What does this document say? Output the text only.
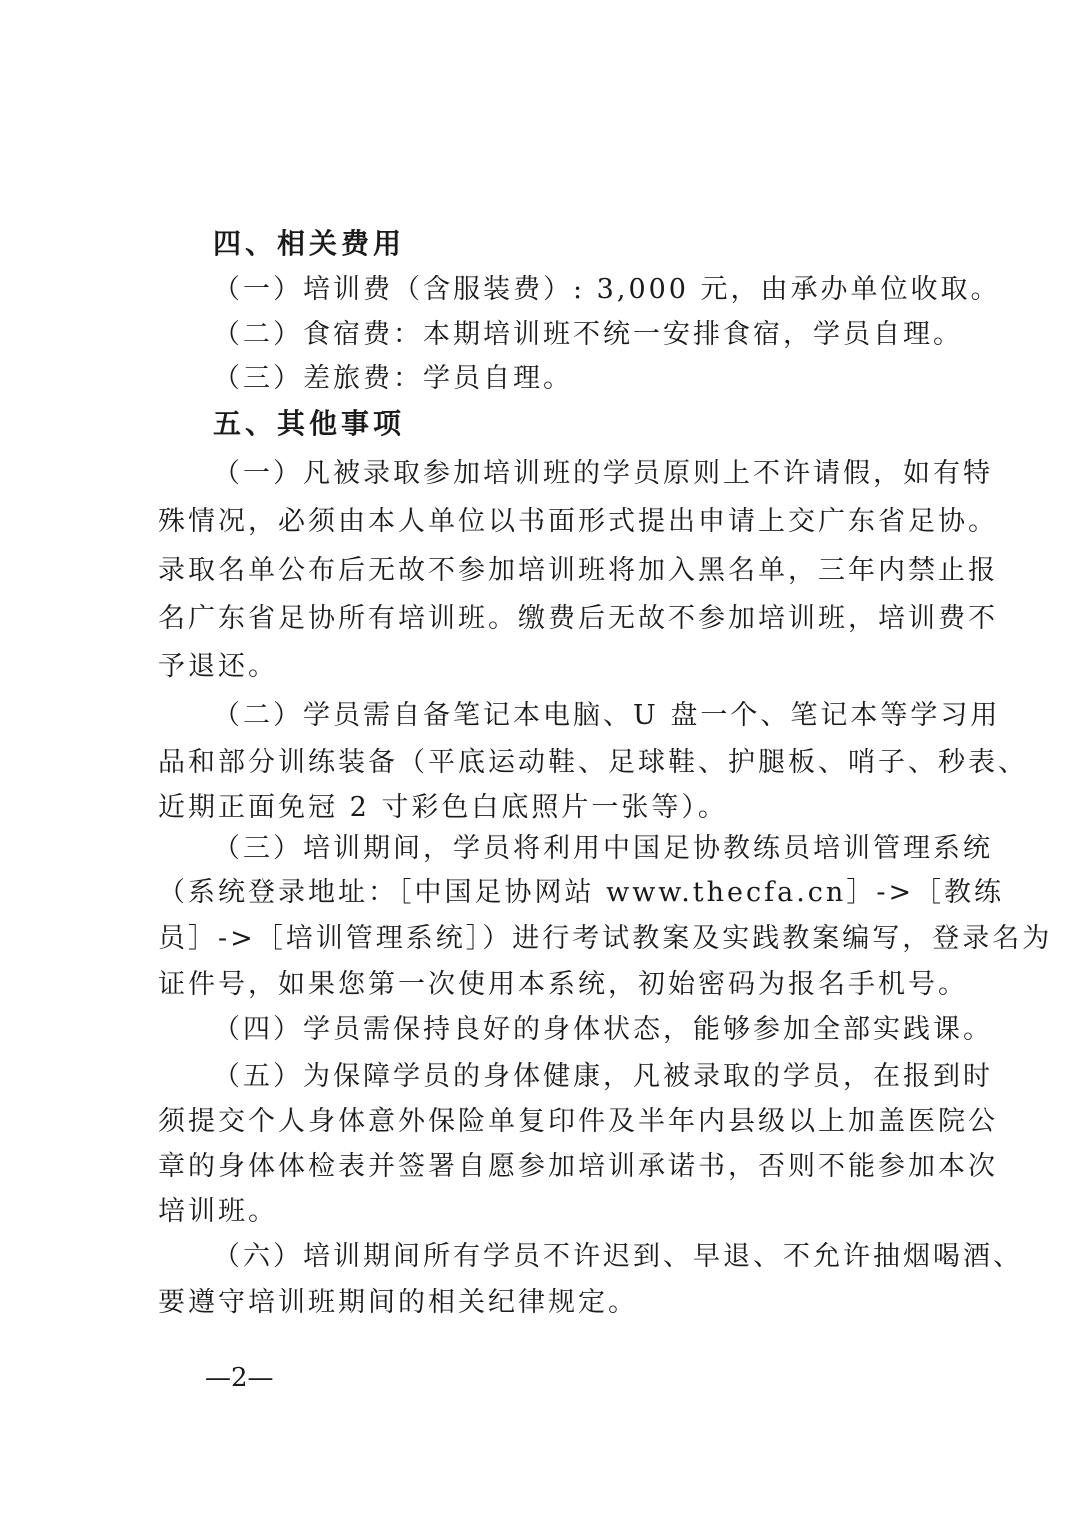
四、相关费用
（一）培训费（含服装费）: 3,000 元，由承办单位收取。
（二）食宿费：本期培训班不统一安排食宿，学员自理。
（三）差旅费：学员自理。
五、其他事项
（一）凡被录取参加培训班的学员原则上不许请假，如有特
殊情况，必须由本人单位以书面形式提出申请上交广东省足协。
录取名单公布后无故不参加培训班将加入黑名单，三年内禁止报
名广东省足协所有培训班。缴费后无故不参加培训班，培训费不
予退还。
（二）学员需自备笔记本电脑、U 盘一个、笔记本等学习用
品和部分训练装备（平底运动鞋、足球鞋、护腿板、哨子、秒表、
近期正面免冠 2 寸彩色白底照片一张等）。
（三）培训期间，学员将利用中国足协教练员培训管理系统
（系统登录地址：［中国足协网站 www.thecfa.cn］->［教练
员］->［培训管理系统］）进行考试教案及实践教案编写，登录名为
证件号，如果您第一次使用本系统，初始密码为报名手机号。
（四）学员需保持良好的身体状态，能够参加全部实践课。
（五）为保障学员的身体健康，凡被录取的学员，在报到时
须提交个人身体意外保险单复印件及半年内县级以上加盖医院公
章的身体体检表并签署自愿参加培训承诺书，否则不能参加本次
培训班。
（六）培训期间所有学员不许迟到、早退、不允许抽烟喝酒、
要遵守培训班期间的相关纪律规定。
—2—
